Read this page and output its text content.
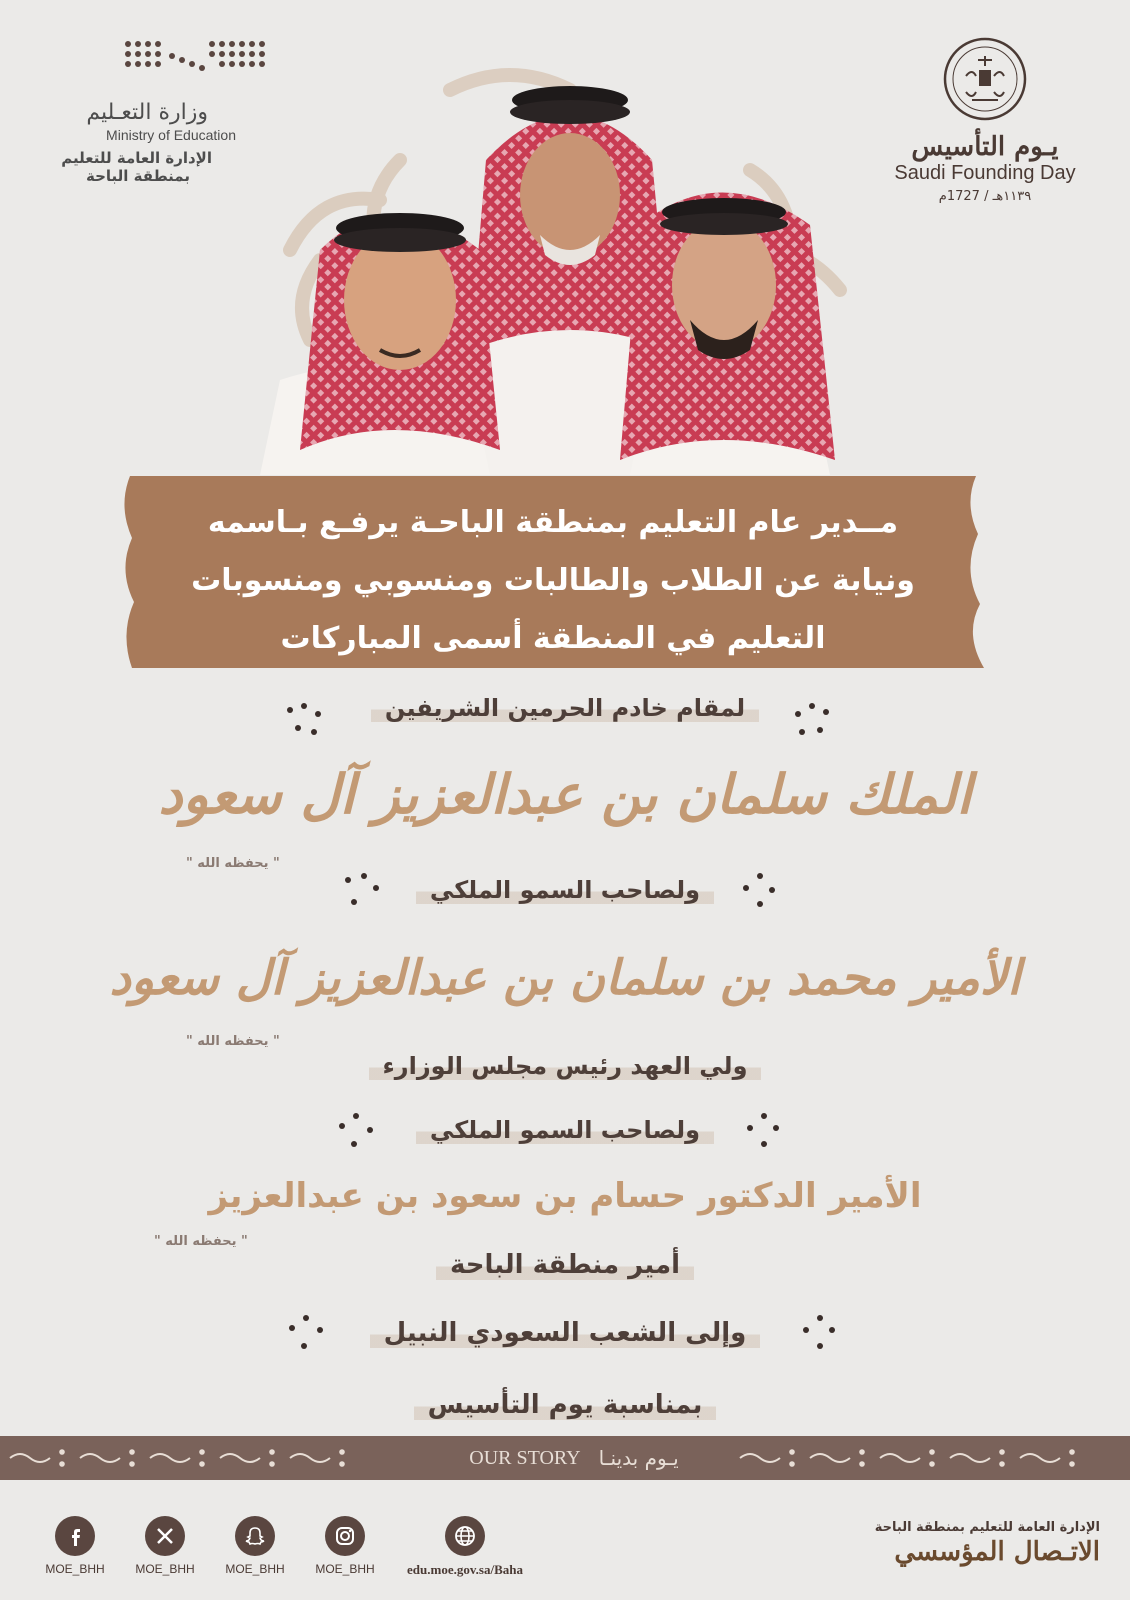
وزارة التعـليم
Ministry of Education
الإدارة العامة للتعليم
بمنطقة الباحة
يـوم التأسيس
Saudi Founding Day
١١٣٩هـ / 1727م
مــدير عام التعليم بمنطقة الباحـة يرفـع بـاسمه
ونيابة عن الطلاب والطالبات ومنسوبي ومنسوبات
التعليم في المنطقة أسمى المباركات
لمقام خادم الحرمين الشريفين
الملك سلمان بن عبدالعزيز آل سعود
" يحفظه الله "
ولصاحب السمو الملكي
الأمير محمد بن سلمان بن عبدالعزيز آل سعود
" يحفظه الله "
ولي العهد رئيس مجلس الوزارء
ولصاحب السمو الملكي
الأمير الدكتور حسام بن سعود بن عبدالعزيز
" يحفظه الله "
أمير منطقة الباحة
وإلى الشعب السعودي النبيل
بمناسبة يوم التأسيس
OUR STORY يـوم بدينـا
MOE_BHH	MOE_BHH	MOE_BHH	MOE_BHH	edu.moe.gov.sa/Baha
الإدارة العامة للتعليم بمنطقة الباحة
الاتـصال المؤسسي
